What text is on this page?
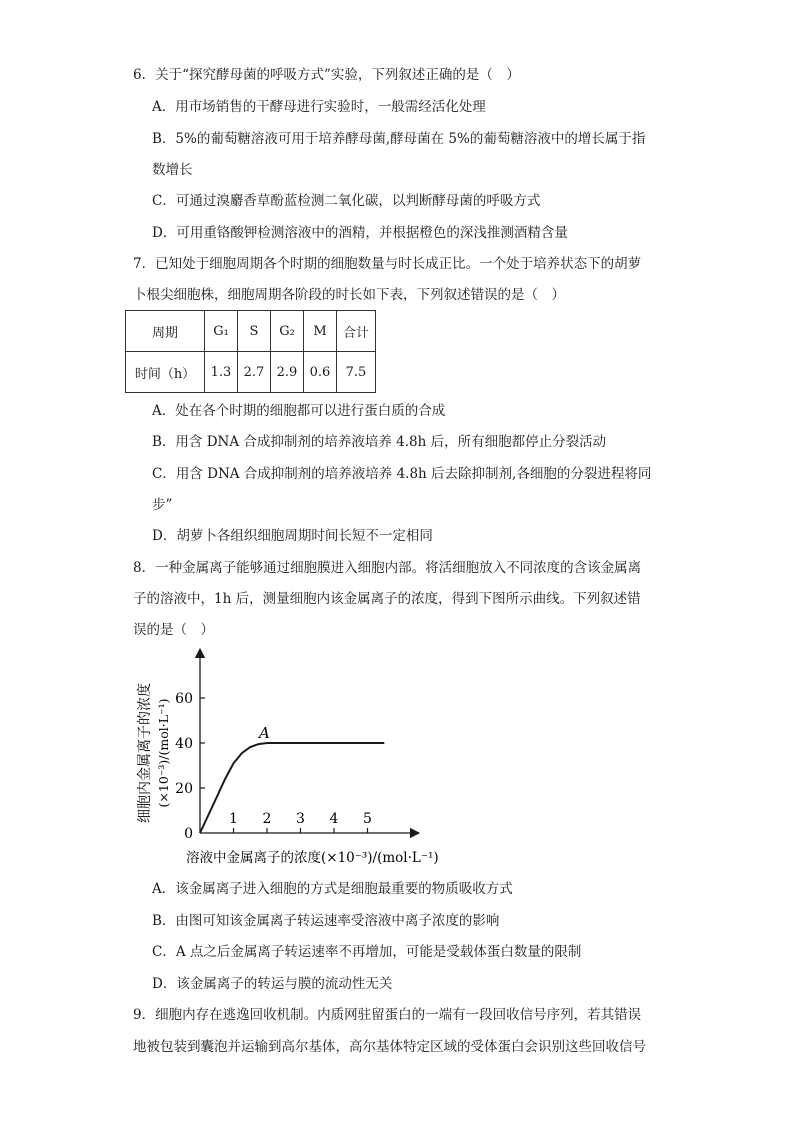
6．关于“探究酵母菌的呼吸方式”实验，下列叙述正确的是（　）
A．用市场销售的干酵母进行实验时，一般需经活化处理
B．5%的葡萄糖溶液可用于培养酵母菌,酵母菌在 5%的葡萄糖溶液中的增长属于指
数增长
C．可通过溴麝香草酚蓝检测二氧化碳，以判断酵母菌的呼吸方式
D．可用重铬酸钾检测溶液中的酒精，并根据橙色的深浅推测酒精含量
7．已知处于细胞周期各个时期的细胞数量与时长成正比。一个处于培养状态下的胡萝
卜根尖细胞株，细胞周期各阶段的时长如下表，下列叙述错误的是（　）
周期	G₁	S	G₂	M	合计
时间（h）	1.3	2.7	2.9	0.6	7.5
A．处在各个时期的细胞都可以进行蛋白质的合成
B．用含 DNA 合成抑制剂的培养液培养 4.8h 后，所有细胞都停止分裂活动
C．用含 DNA 合成抑制剂的培养液培养 4.8h 后去除抑制剂,各细胞的分裂进程将同
步”
D．胡萝卜各组织细胞周期时间长短不一定相同
8．一种金属离子能够通过细胞膜进入细胞内部。将活细胞放入不同浓度的含该金属离
子的溶液中，1h 后，测量细胞内该金属离子的浓度，得到下图所示曲线。下列叙述错
误的是（　）
0
20
40
60
1 2 3 4 5
A
细胞内金属离子的浓度 (×10⁻³)/(mol·L⁻¹)
溶液中金属离子的浓度(×10⁻³)/(mol·L⁻¹)
A．该金属离子进入细胞的方式是细胞最重要的物质吸收方式
B．由图可知该金属离子转运速率受溶液中离子浓度的影响
C．A 点之后金属离子转运速率不再增加，可能是受载体蛋白数量的限制
D．该金属离子的转运与膜的流动性无关
9．细胞内存在逃逸回收机制。内质网驻留蛋白的一端有一段回收信号序列，若其错误
地被包装到囊泡并运输到高尔基体，高尔基体特定区域的受体蛋白会识别这些回收信号
